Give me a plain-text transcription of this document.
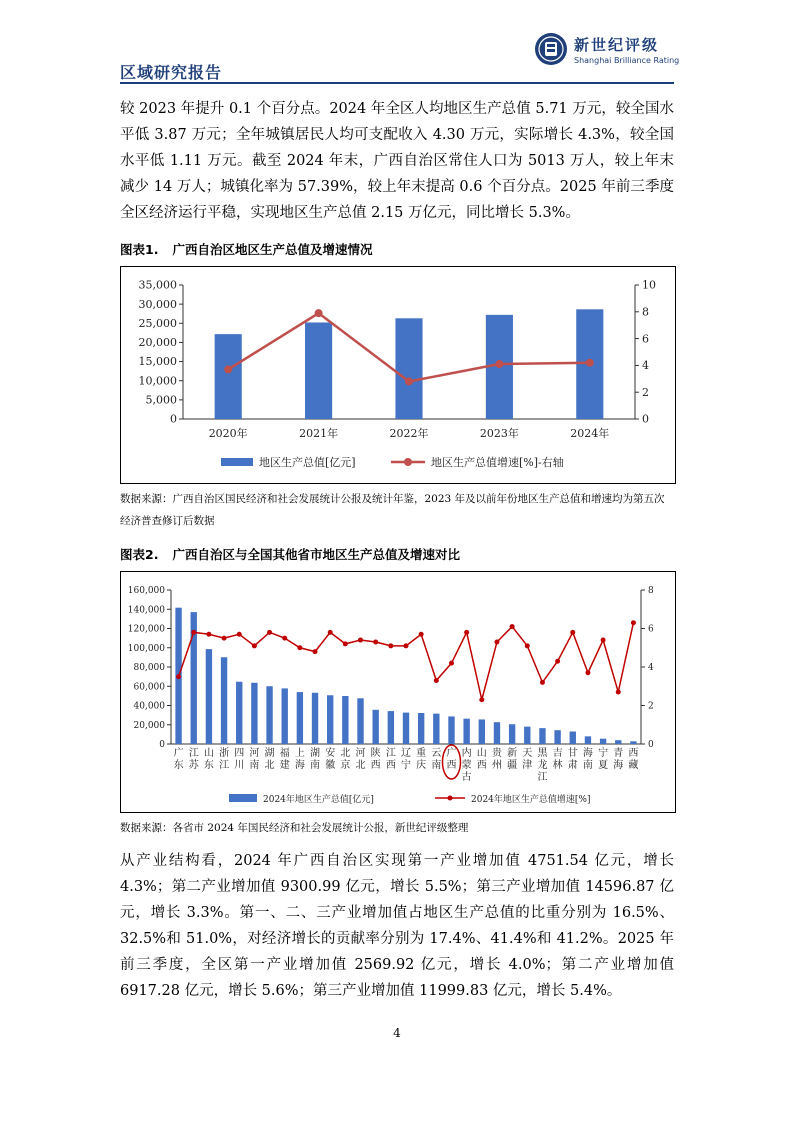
区域研究报告
新世纪评级
Shanghai Brilliance Rating

较 2023 年提升 0.1 个百分点。2024 年全区人均地区生产总值 5.71 万元，较全国水平低 3.87 万元；全年城镇居民人均可支配收入 4.30 万元，实际增长 4.3%，较全国水平低 1.11 万元。截至 2024 年末，广西自治区常住人口为 5013 万人，较上年末减少 14 万人；城镇化率为 57.39%，较上年末提高 0.6 个百分点。2025 年前三季度全区经济运行平稳，实现地区生产总值 2.15 万亿元，同比增长 5.3%。

图表1. 广西自治区地区生产总值及增速情况
0
5,000
10,000
15,000
20,000
25,000
30,000
35,000
0
2
4
6
8
10
2020年	2021年	2022年	2023年	2024年
地区生产总值[亿元]	地区生产总值增速[%]-右轴

数据来源：广西自治区国民经济和社会发展统计公报及统计年鉴，2023 年及以前年份地区生产总值和增速均为第五次经济普查修订后数据

图表2. 广西自治区与全国其他省市地区生产总值及增速对比
0
20,000
40,000
60,000
80,000
100,000
120,000
140,000
160,000
0
2
4
6
8
广
东
江
苏
山
东
浙
江
四
川
河
南
湖
北
福
建
上
海
湖
南
安
徽
北
京
河
北
陕
西
江
西
辽
宁
重
庆
云
南
广
西
内
蒙
古
山
西
贵
州
新
疆
天
津
黑
龙
江
吉
林
甘
肃
海
南
宁
夏
青
海
西
藏
2024年地区生产总值[亿元]	2024年地区生产总值增速[%]

数据来源：各省市 2024 年国民经济和社会发展统计公报，新世纪评级整理

从产业结构看，2024 年广西自治区实现第一产业增加值 4751.54 亿元，增长 4.3%；第二产业增加值 9300.99 亿元，增长 5.5%；第三产业增加值 14596.87 亿元，增长 3.3%。第一、二、三产业增加值占地区生产总值的比重分别为 16.5%、32.5%和 51.0%，对经济增长的贡献率分别为 17.4%、41.4%和 41.2%。2025 年前三季度，全区第一产业增加值 2569.92 亿元，增长 4.0%；第二产业增加值 6917.28 亿元，增长 5.6%；第三产业增加值 11999.83 亿元，增长 5.4%。

4
